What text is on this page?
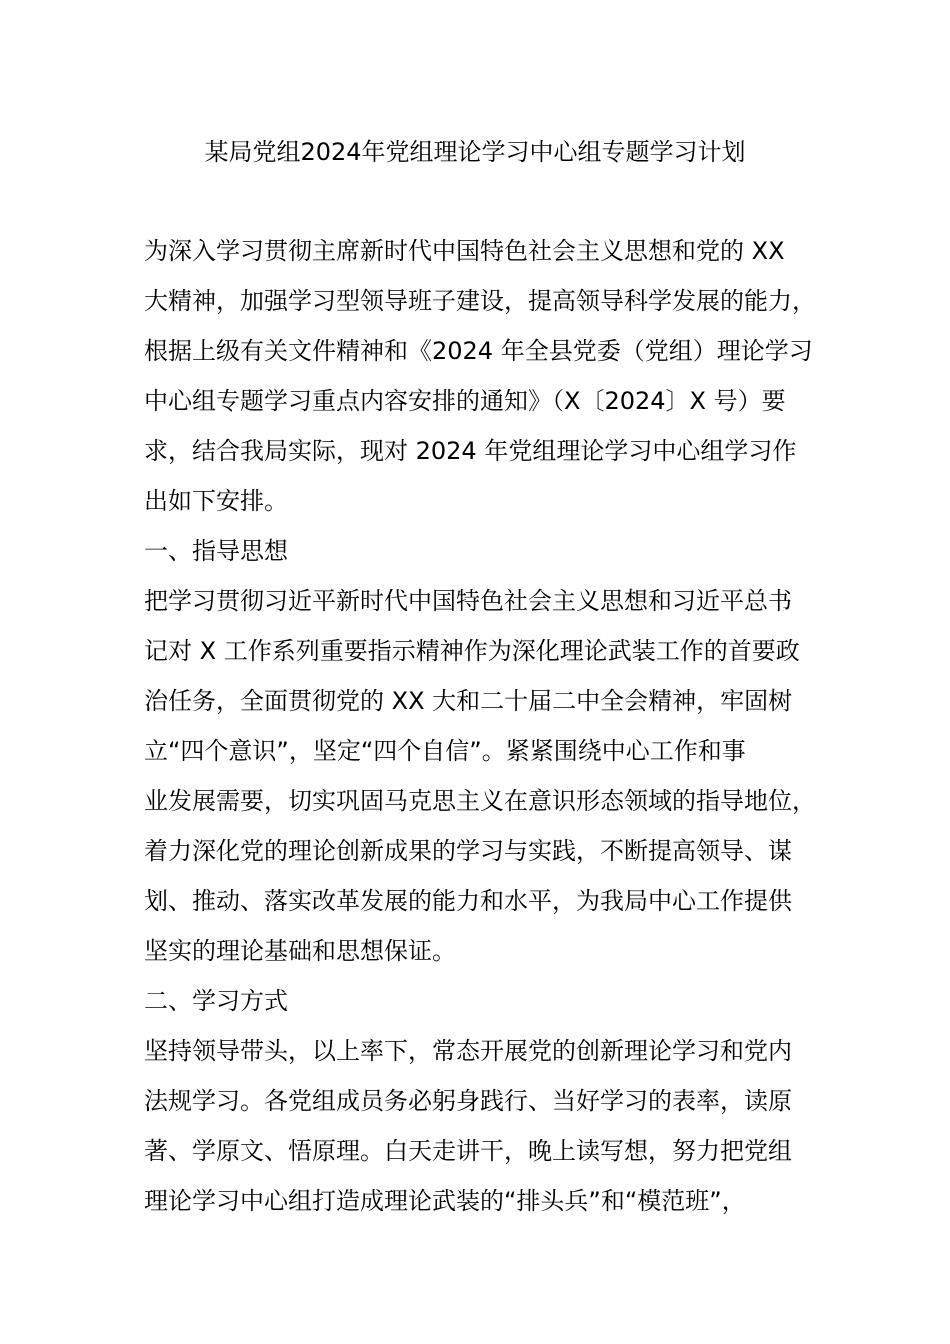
某局党组2024年党组理论学习中心组专题学习计划
为深入学习贯彻主席新时代中国特色社会主义思想和党的 XX
大精神，加强学习型领导班子建设，提高领导科学发展的能力，
根据上级有关文件精神和《2024 年全县党委（党组）理论学习
中心组专题学习重点内容安排的通知》（X〔2024〕X 号）要
求，结合我局实际，现对 2024 年党组理论学习中心组学习作
出如下安排。
一、指导思想
把学习贯彻习近平新时代中国特色社会主义思想和习近平总书
记对 X 工作系列重要指示精神作为深化理论武装工作的首要政
治任务，全面贯彻党的 XX 大和二十届二中全会精神，牢固树
立“四个意识”，坚定“四个自信”。紧紧围绕中心工作和事
业发展需要，切实巩固马克思主义在意识形态领域的指导地位，
着力深化党的理论创新成果的学习与实践，不断提高领导、谋
划、推动、落实改革发展的能力和水平，为我局中心工作提供
坚实的理论基础和思想保证。
二、学习方式
坚持领导带头，以上率下，常态开展党的创新理论学习和党内
法规学习。各党组成员务必躬身践行、当好学习的表率，读原
著、学原文、悟原理。白天走讲干，晚上读写想，努力把党组
理论学习中心组打造成理论武装的“排头兵”和“模范班”，
